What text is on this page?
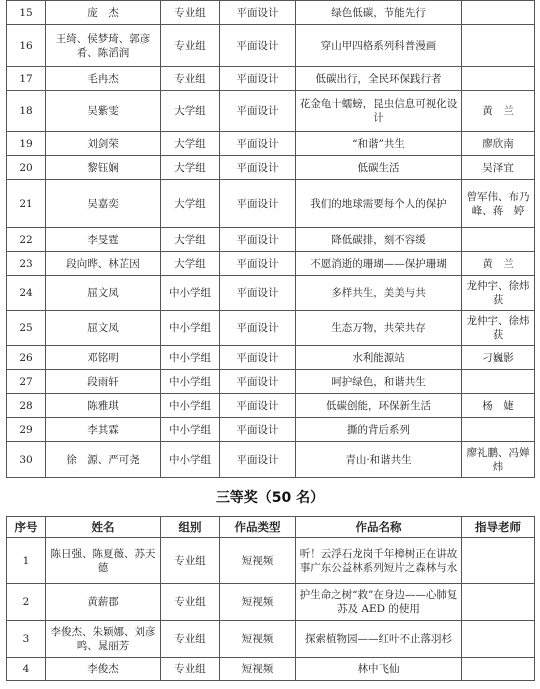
15	庞　杰	专业组	平面设计	绿色低碳，节能先行	
16	王绮、侯梦琦、郭彦肴、陈滔润	专业组	平面设计	穿山甲四格系列科普漫画	
17	毛冉杰	专业组	平面设计	低碳出行，全民环保践行者	
18	吴紫雯	大学组	平面设计	花金龟十蠕螃，昆虫信息可视化设计	黄　兰
19	刘剑荣	大学组	平面设计	“和谐”共生	廖欣南
20	黎钰娴	大学组	平面设计	低碳生活	吴泽宜
21	吴嘉奕	大学组	平面设计	我们的地球需要每个人的保护	曾军伟、布乃峰、蒋　婷
22	李旻霆	大学组	平面设计	降低碳排，刻不容缓	
23	段向晔、林芷因	大学组	平面设计	不愿消逝的珊瑚——保护珊瑚	黄　兰
24	屈文凤	中小学组	平面设计	多样共生，美美与共	龙仲宇、徐炜获
25	屈文凤	中小学组	平面设计	生态万物，共荣共存	龙仲宇、徐炜获
26	邓铭明	中小学组	平面设计	水利能源站	刁巍影
27	段雨轩	中小学组	平面设计	呵护绿色，和谐共生	
28	陈雅琪	中小学组	平面设计	低碳创能，环保新生活	杨　婕
29	李其霖	中小学组	平面设计	撕的背后系列	
30	徐　源、严可尧	中小学组	平面设计	青山·和谐共生	廖礼鹏、冯婵炜
三等奖（50 名）
序号	姓名	组别	作品类型	作品名称	指导老师
1	陈日强、陈夏薇、苏天德	专业组	短视频	听！云浮石龙岗千年樟树正在讲故事广东公益林系列短片之森林与水	
2	黄薪郡	专业组	短视频	护生命之树“救”在身边——心肺复苏及 AED 的使用	
3	李俊杰、朱颖娜、刘彦鸣、晁丽芳	专业组	短视频	探索植物园——红叶不止落羽杉	
4	李俊杰	专业组	短视频	林中飞仙	
